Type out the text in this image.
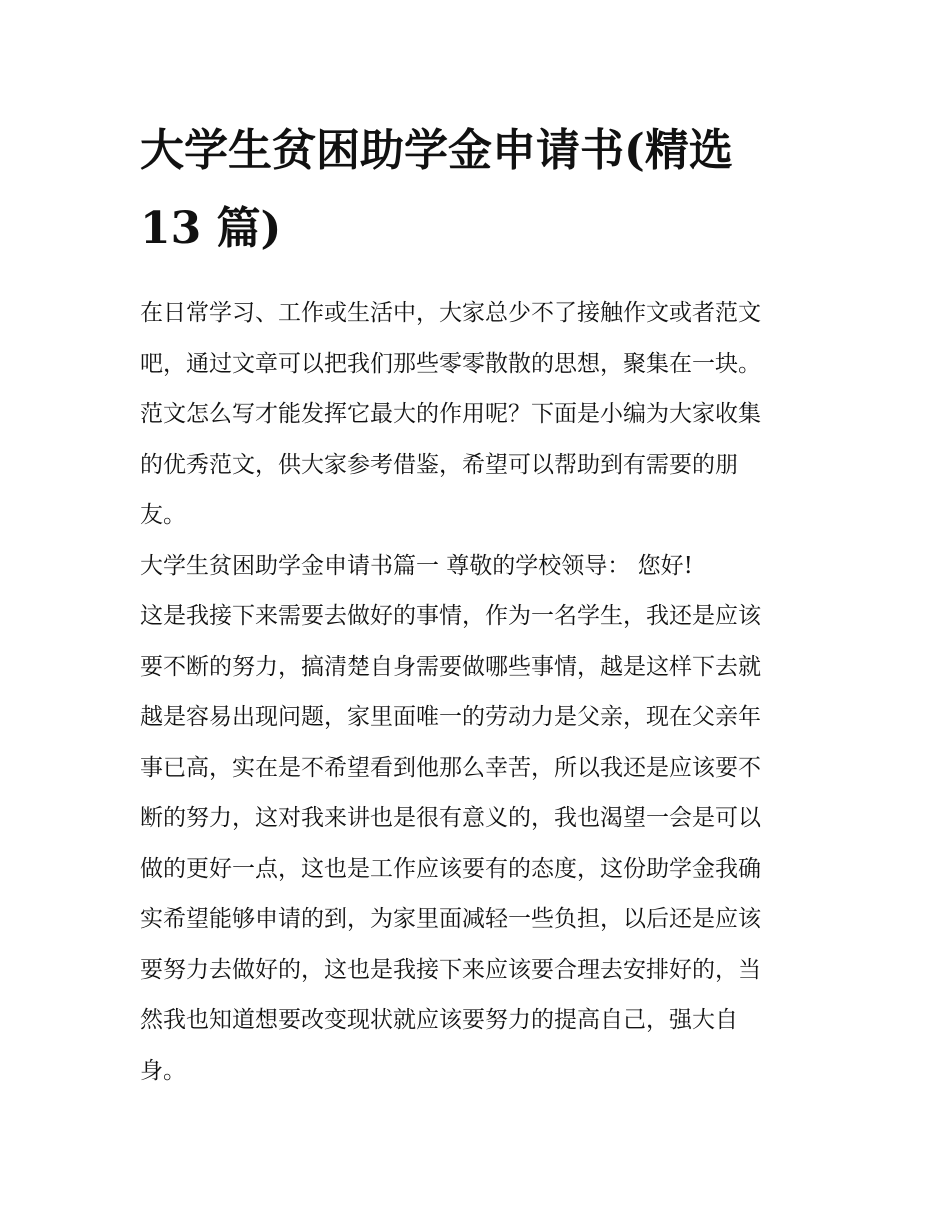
大学生贫困助学金申请书(精选
13 篇)
在日常学习、工作或生活中，大家总少不了接触作文或者范文
吧，通过文章可以把我们那些零零散散的思想，聚集在一块。
范文怎么写才能发挥它最大的作用呢？下面是小编为大家收集
的优秀范文，供大家参考借鉴，希望可以帮助到有需要的朋
友。
大学生贫困助学金申请书篇一 尊敬的学校领导： 您好!
这是我接下来需要去做好的事情，作为一名学生，我还是应该
要不断的努力，搞清楚自身需要做哪些事情，越是这样下去就
越是容易出现问题，家里面唯一的劳动力是父亲，现在父亲年
事已高，实在是不希望看到他那么幸苦，所以我还是应该要不
断的努力，这对我来讲也是很有意义的，我也渴望一会是可以
做的更好一点，这也是工作应该要有的态度，这份助学金我确
实希望能够申请的到，为家里面减轻一些负担，以后还是应该
要努力去做好的，这也是我接下来应该要合理去安排好的，当
然我也知道想要改变现状就应该要努力的提高自己，强大自
身。
